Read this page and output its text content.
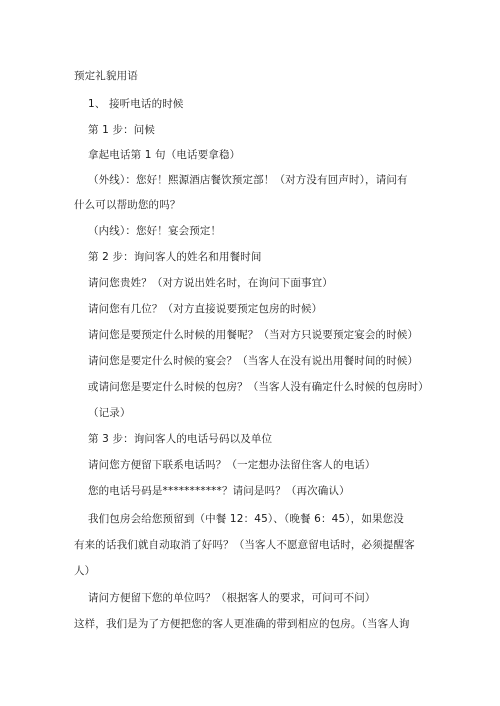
预定礼貌用语
1、 接听电话的时候
第 1 步：问候
拿起电话第 1 句（电话要拿稳）
（外线）：您好！熙源酒店餐饮预定部！（对方没有回声时），请问有
什么可以帮助您的吗？
（内线）：您好！宴会预定！
第 2 步：询问客人的姓名和用餐时间
请问您贵姓？（对方说出姓名时，在询问下面事宜）
请问您有几位？（对方直接说要预定包房的时候）
请问您是要预定什么时候的用餐呢？（当对方只说要预定宴会的时候）
请问您是要定什么时候的宴会？（当客人在没有说出用餐时间的时候）
或请问您是要定什么时候的包房？（当客人没有确定什么时候的包房时）
（记录）
第 3 步：询问客人的电话号码以及单位
请问您方便留下联系电话吗？（一定想办法留住客人的电话）
您的电话号码是***********？请问是吗？（再次确认）
我们包房会给您预留到（中餐 12：45）、（晚餐 6：45），如果您没
有来的话我们就自动取消了好吗？（当客人不愿意留电话时，必须提醒客
人）
请问方便留下您的单位吗？（根据客人的要求，可问可不问）
这样，我们是为了方便把您的客人更准确的带到相应的包房。（当客人询
